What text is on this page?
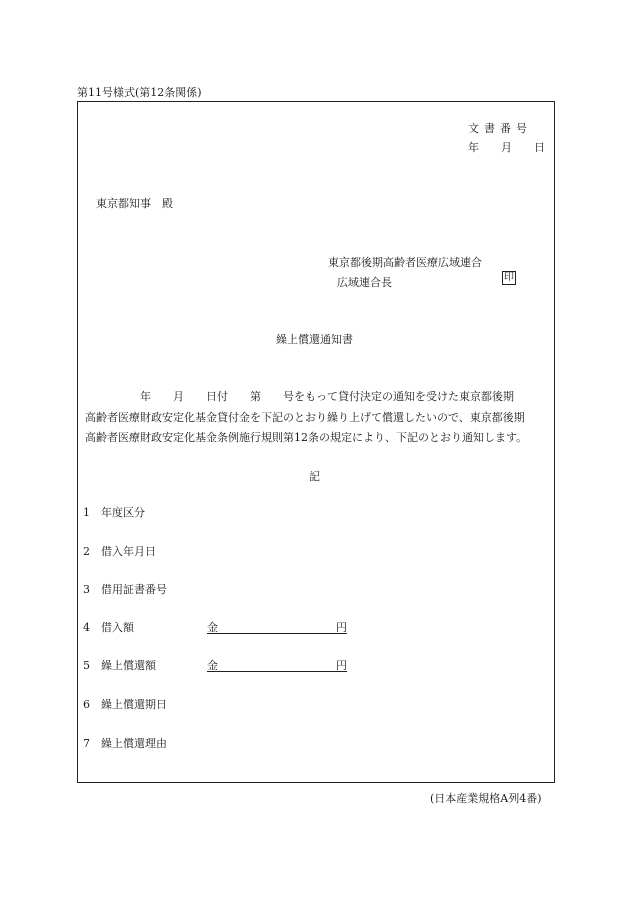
第11号様式(第12条関係)
文書番号
年 月 日
東京都知事　殿
東京都後期高齢者医療広域連合
広域連合長	印
繰上償還通知書
　　　　　年　　月　　日付　　第　　号をもって貸付決定の通知を受けた東京都後期
高齢者医療財政安定化基金貸付金を下記のとおり繰り上げて償還したいので、東京都後期
高齢者医療財政安定化基金条例施行規則第12条の規定により、下記のとおり通知します。
記
1 年度区分
2 借入年月日
3 借用証書番号
4 借入額	金	円
5 繰上償還額	金	円
6 繰上償還期日
7 繰上償還理由
(日本産業規格A列4番)
